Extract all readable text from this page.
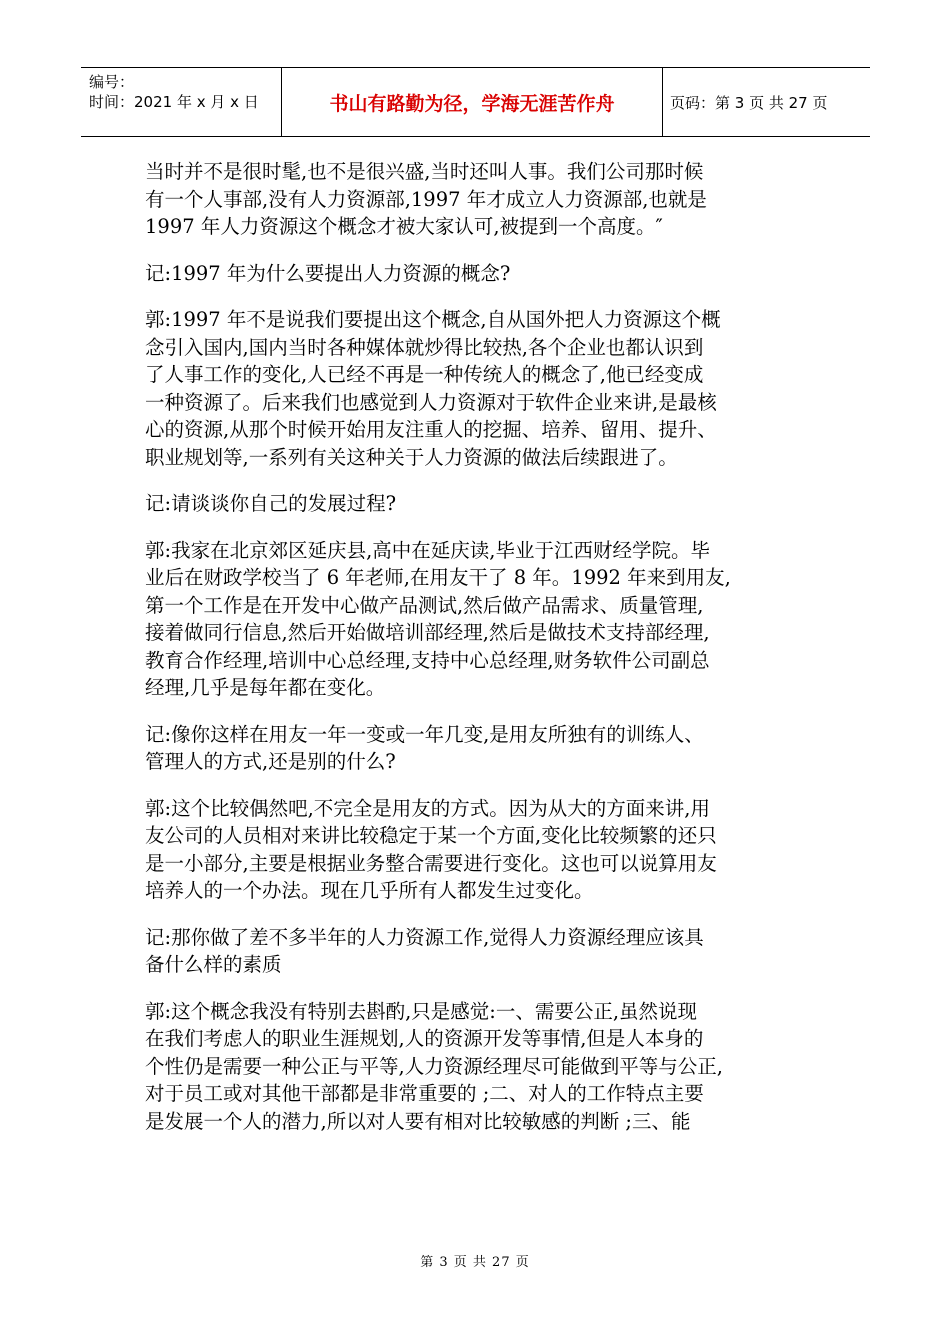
编号：
时间：2021 年 x 月 x 日	书山有路勤为径，学海无涯苦作舟	页码：第 3 页 共 27 页

当时并不是很时髦,也不是很兴盛,当时还叫人事。我们公司那时候
有一个人事部,没有人力资源部,1997 年才成立人力资源部,也就是
1997 年人力资源这个概念才被大家认可,被提到一个高度。″

记:1997 年为什么要提出人力资源的概念?

郭:1997 年不是说我们要提出这个概念,自从国外把人力资源这个概
念引入国内,国内当时各种媒体就炒得比较热,各个企业也都认识到
了人事工作的变化,人已经不再是一种传统人的概念了,他已经变成
一种资源了。后来我们也感觉到人力资源对于软件企业来讲,是最核
心的资源,从那个时候开始用友注重人的挖掘、培养、留用、提升、
职业规划等,一系列有关这种关于人力资源的做法后续跟进了。

记:请谈谈你自己的发展过程?

郭:我家在北京郊区延庆县,高中在延庆读,毕业于江西财经学院。毕
业后在财政学校当了 6 年老师,在用友干了 8 年。1992 年来到用友,
第一个工作是在开发中心做产品测试,然后做产品需求、质量管理,
接着做同行信息,然后开始做培训部经理,然后是做技术支持部经理,
教育合作经理,培训中心总经理,支持中心总经理,财务软件公司副总
经理,几乎是每年都在变化。

记:像你这样在用友一年一变或一年几变,是用友所独有的训练人、
管理人的方式,还是别的什么?

郭:这个比较偶然吧,不完全是用友的方式。因为从大的方面来讲,用
友公司的人员相对来讲比较稳定于某一个方面,变化比较频繁的还只
是一小部分,主要是根据业务整合需要进行变化。这也可以说算用友
培养人的一个办法。现在几乎所有人都发生过变化。

记:那你做了差不多半年的人力资源工作,觉得人力资源经理应该具
备什么样的素质

郭:这个概念我没有特别去斟酌,只是感觉:一、需要公正,虽然说现
在我们考虑人的职业生涯规划,人的资源开发等事情,但是人本身的
个性仍是需要一种公正与平等,人力资源经理尽可能做到平等与公正,
对于员工或对其他干部都是非常重要的 ;二、对人的工作特点主要
是发展一个人的潜力,所以对人要有相对比较敏感的判断 ;三、能

第 3 页 共 27 页
